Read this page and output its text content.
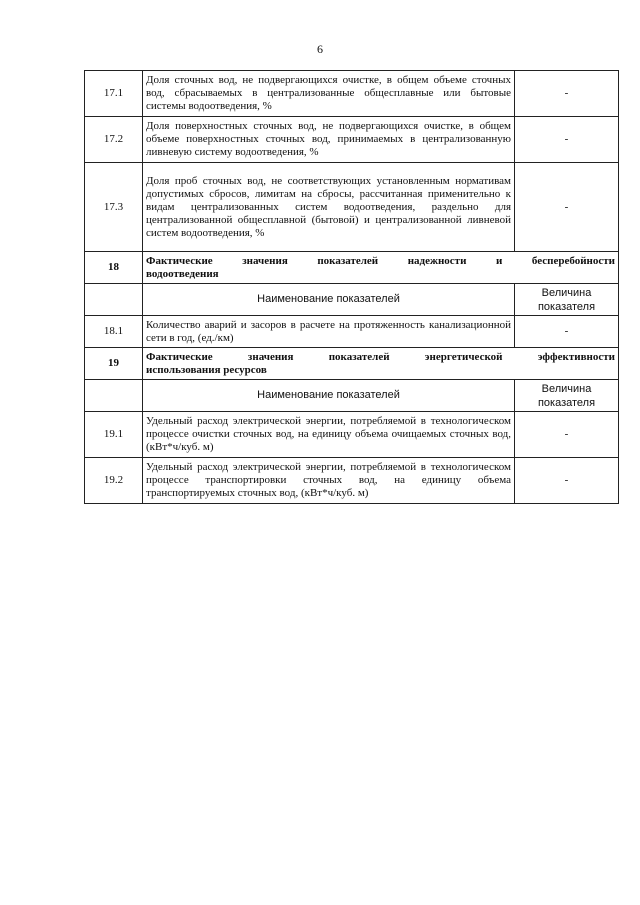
6
17.1	Доля сточных вод, не подвергающихся очистке, в общем объеме сточных вод, сбрасываемых в централизованные общесплавные или бытовые системы водоотведения, %	-
17.2	Доля поверхностных сточных вод, не подвергающихся очистке, в общем объеме поверхностных сточных вод, принимаемых в централизованную ливневую систему водоотведения, %	-
17.3	Доля проб сточных вод, не соответствующих установленным нормативам допустимых сбросов, лимитам на сбросы, рассчитанная применительно к видам централизованных систем водоотведения, раздельно для централизованной общесплавной (бытовой) и централизованной ливневой систем водоотведения, %	-
18	Фактические значения показателей надежности и бесперебойности
водоотведения	
	Наименование показателей	Величина показателя
18.1	Количество аварий и засоров в расчете на протяженность канализационной сети в год, (ед./км)	-
19	Фактические значения показателей энергетической эффективности
использования ресурсов	
	Наименование показателей	Величина показателя
19.1	Удельный расход электрической энергии, потребляемой в технологическом процессе очистки сточных вод, на единицу объема очищаемых сточных вод, (кВт*ч/куб. м)	-
19.2	Удельный расход электрической энергии, потребляемой в технологическом процессе транспортировки сточных вод, на единицу объема транспортируемых сточных вод, (кВт*ч/куб. м)	-
